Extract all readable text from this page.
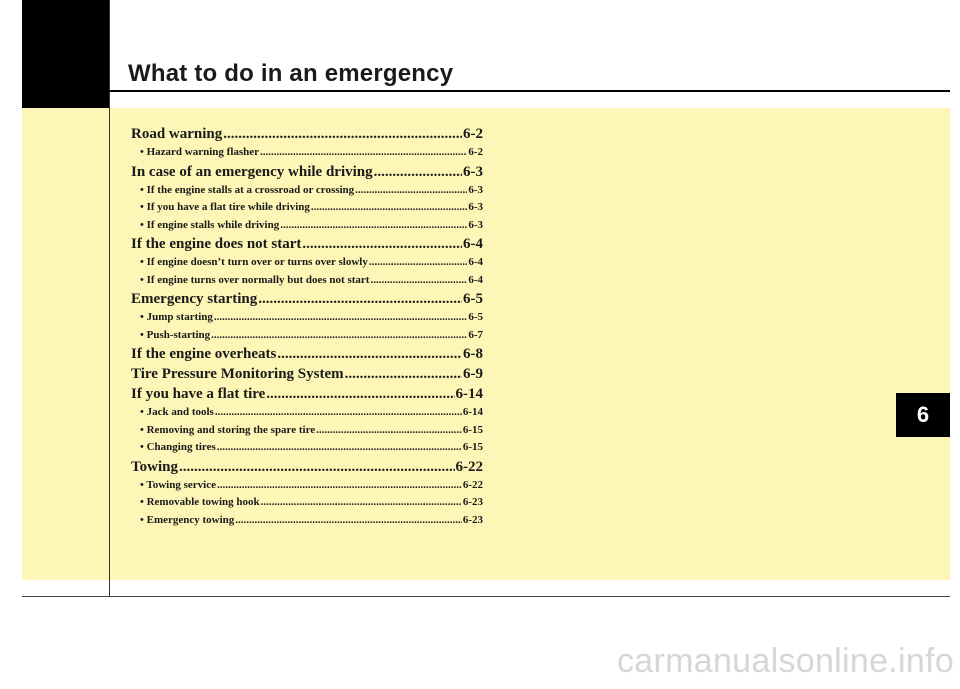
What to do in an emergency
6
Road warning .....	6-2
• Hazard warning flasher .....	6-2
In case of an emergency while driving .....	6-3
• If the engine stalls at a crossroad or crossing .....	6-3
• If you have a flat tire while driving .....	6-3
• If engine stalls while driving .....	6-3
If the engine does not start .....	6-4
• If engine doesn’t turn over or turns over slowly .....	6-4
• If engine turns over normally but does not start .....	6-4
Emergency starting .....	6-5
• Jump starting .....	6-5
• Push-starting .....	6-7
If the engine overheats .....	6-8
Tire Pressure Monitoring System .....	6-9
If you have a flat tire .....	6-14
• Jack and tools .....	6-14
• Removing and storing the spare tire .....	6-15
• Changing tires .....	6-15
Towing .....	6-22
• Towing service .....	6-22
• Removable towing hook .....	6-23
• Emergency towing .....	6-23
carmanualsonline.info
